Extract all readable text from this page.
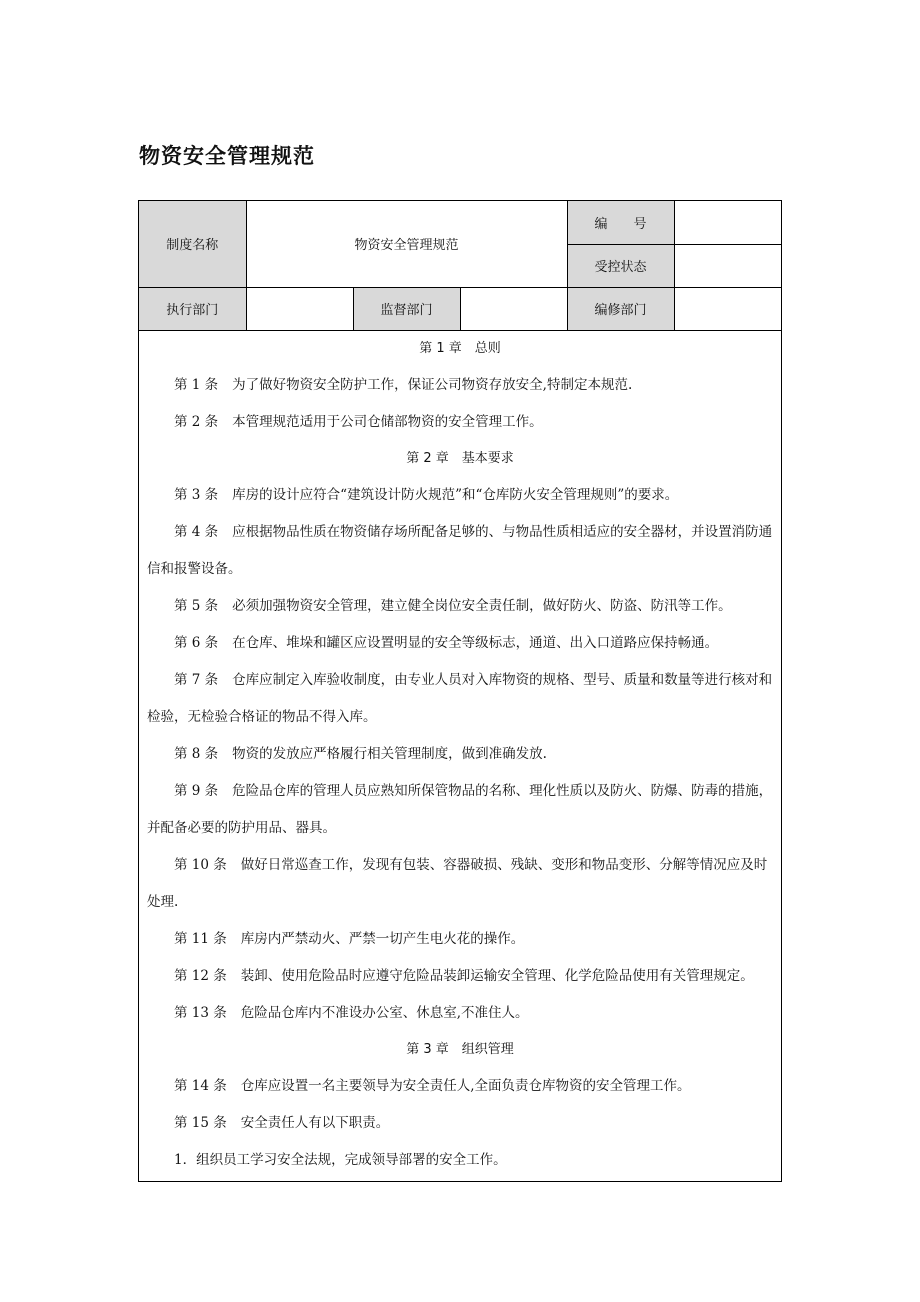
物资安全管理规范
制度名称	物资安全管理规范			编　　号	
				受控状态	
执行部门		监督部门		编修部门	
第 1 章　总则

第 1 条 为了做好物资安全防护工作，保证公司物资存放安全,特制定本规范.

第 2 条 本管理规范适用于公司仓储部物资的安全管理工作。

第 2 章　基本要求

第 3 条 库房的设计应符合“建筑设计防火规范”和“仓库防火安全管理规则”的要求。

第 4 条 应根据物品性质在物资储存场所配备足够的、与物品性质相适应的安全器材，并设置消防通信和报警设备。

第 5 条 必须加强物资安全管理，建立健全岗位安全责任制，做好防火、防盗、防汛等工作。

第 6 条 在仓库、堆垛和罐区应设置明显的安全等级标志，通道、出入口道路应保持畅通。

第 7 条 仓库应制定入库验收制度，由专业人员对入库物资的规格、型号、质量和数量等进行核对和检验，无检验合格证的物品不得入库。

第 8 条 物资的发放应严格履行相关管理制度，做到准确发放.

第 9 条 危险品仓库的管理人员应熟知所保管物品的名称、理化性质以及防火、防爆、防毒的措施，并配备必要的防护用品、器具。

第 10 条 做好日常巡查工作，发现有包装、容器破损、残缺、变形和物品变形、分解等情况应及时处理.

第 11 条 库房内严禁动火、严禁一切产生电火花的操作。

第 12 条 装卸、使用危险品时应遵守危险品装卸运输安全管理、化学危险品使用有关管理规定。

第 13 条 危险品仓库内不准设办公室、休息室,不准住人。

第 3 章　组织管理

第 14 条 仓库应设置一名主要领导为安全责任人,全面负责仓库物资的安全管理工作。

第 15 条 安全责任人有以下职责。

1．组织员工学习安全法规，完成领导部署的安全工作。
